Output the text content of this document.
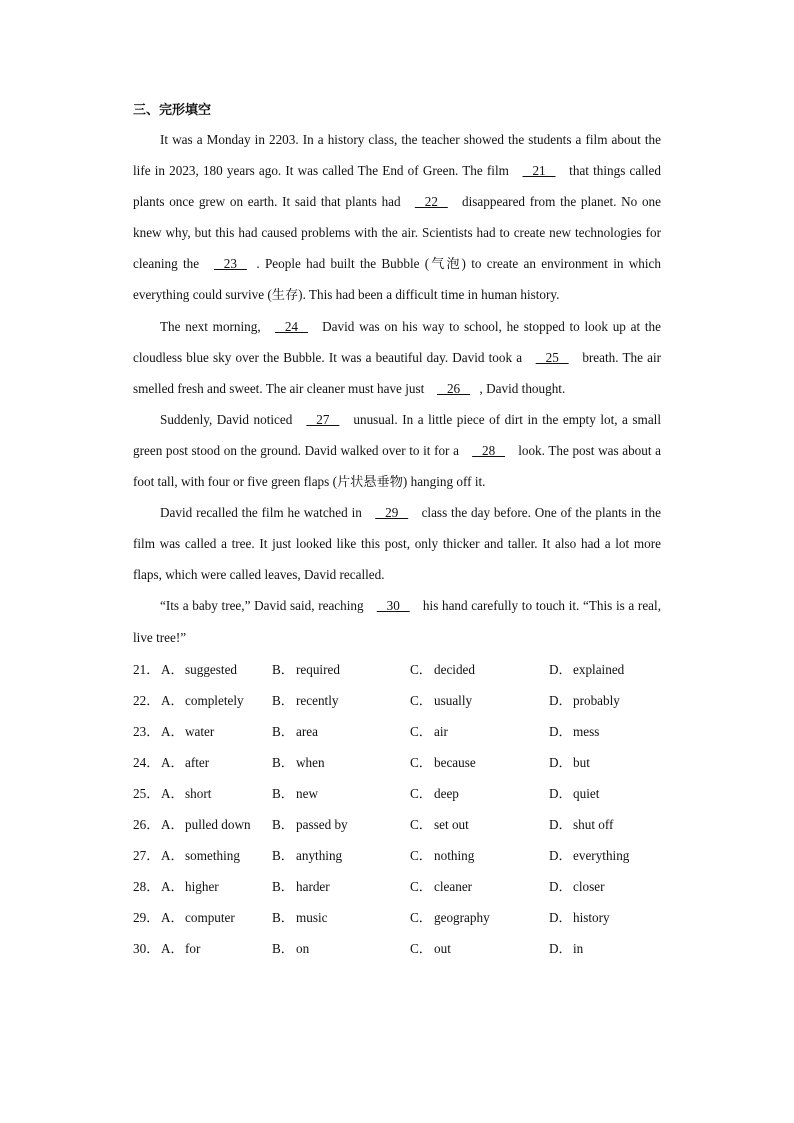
三、完形填空

It was a Monday in 2203. In a history class, the teacher showed the students a film about the life in 2023, 180 years ago. It was called The End of Green. The film    21    that things called plants once grew on earth. It said that plants had    22    disappeared from the planet. No one knew why, but this had caused problems with the air. Scientists had to create new technologies for cleaning the    23   . People had built the Bubble (气泡) to create an environment in which everything could survive (生存). This had been a difficult time in human history.

The next morning,    24    David was on his way to school, he stopped to look up at the cloudless blue sky over the Bubble. It was a beautiful day. David took a    25    breath. The air smelled fresh and sweet. The air cleaner must have just    26   , David thought.

Suddenly, David noticed    27    unusual. In a little piece of dirt in the empty lot, a small green post stood on the ground. David walked over to it for a    28    look. The post was about a foot tall, with four or five green flaps (片状悬垂物) hanging off it.

David recalled the film he watched in    29    class the day before. One of the plants in the film was called a tree. It just looked like this post, only thicker and taller. It also had a lot more flaps, which were called leaves, David recalled.

“Its a baby tree,” David said, reaching    30    his hand carefully to touch it. “This is a real, live tree!”

21． A．suggested	B． required	C． decided	D．explained
22． A．completely B． recently	C． usually	D．probably
23． A．water	B． area	C． air	D．mess
24． A．after	B． when	C． because	D．but
25． A．short	B． new	C． deep	D．quiet
26． A．pulled down B． passed by	C． set out	D．shut off
27． A．something B． anything	C． nothing	D．everything
28． A．higher	B． harder	C． cleaner	D．closer
29． A．computer	B． music	C． geography	D．history
30． A．for	B． on	C． out	D．in
